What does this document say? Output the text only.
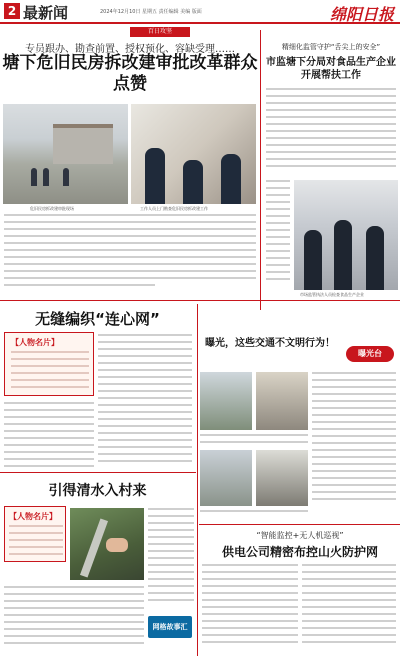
2 最新闻	2024年12月10日 星期五 责任编辑 美编 版面	绵阳日报
百日攻坚
专员跟办、勘查前置、授权预化、容缺受理……
塘下危旧民房拆改建审批改革群众点赞
危旧民房拆改建审批现场	工作人员上门勘查危旧民房拆改建工作
精细化监管守护“舌尖上的安全”
市监塘下分局对食品生产企业开展帮扶工作
市场监管执法人员检查食品生产企业
无缝编织“连心网”
【人物名片】
引得清水入村来
【人物名片】
网格故事汇
曝光，这些交通不文明行为！
曝光台
“智能监控+无人机巡视”
供电公司精密布控山火防护网
